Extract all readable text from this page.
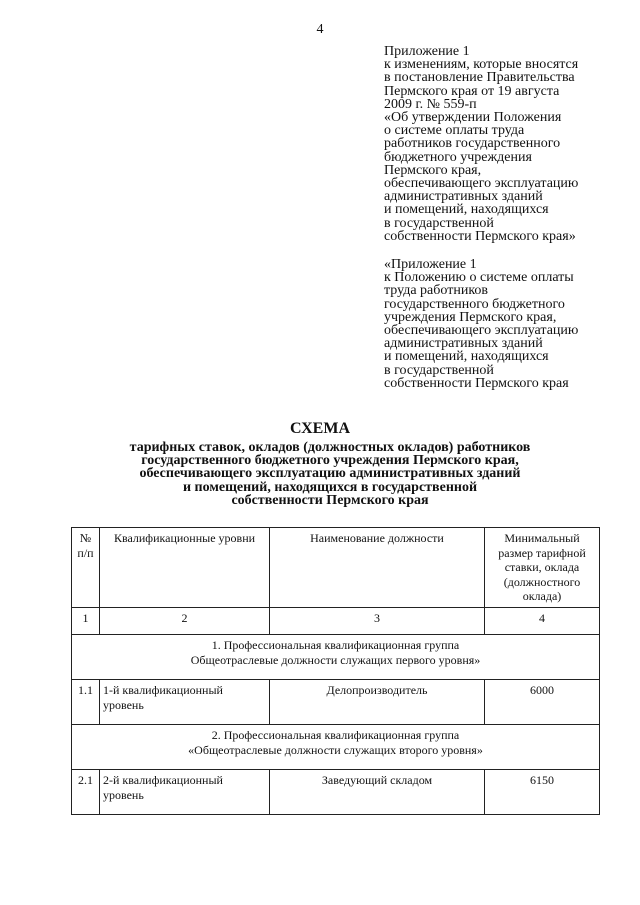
4
Приложение 1
к изменениям, которые вносятся
в постановление Правительства
Пермского края от 19 августа
2009 г. № 559-п
«Об утверждении Положения
о системе оплаты труда
работников государственного
бюджетного учреждения
Пермского края,
обеспечивающего эксплуатацию
административных зданий
и помещений, находящихся
в государственной
собственности Пермского края»
«Приложение 1
к Положению о системе оплаты
труда работников
государственного бюджетного
учреждения Пермского края,
обеспечивающего эксплуатацию
административных зданий
и помещений, находящихся
в государственной
собственности Пермского края
СХЕМА
тарифных ставок, окладов (должностных окладов) работников
государственного бюджетного учреждения Пермского края,
обеспечивающего эксплуатацию административных зданий
и помещений, находящихся в государственной
собственности Пермского края
№ п/п	Квалификационные уровни	Наименование должности	Минимальный размер тарифной ставки, оклада (должностного оклада)
1	2	3	4

1. Профессиональная квалификационная группа
Общеотраслевые должности служащих первого уровня»			

1.1	1-й квалификационный уровень	Делопроизводитель	6000

2. Профессиональная квалификационная группа
«Общеотраслевые должности служащих второго уровня»			

2.1	2-й квалификационный уровень	Заведующий складом	6150
